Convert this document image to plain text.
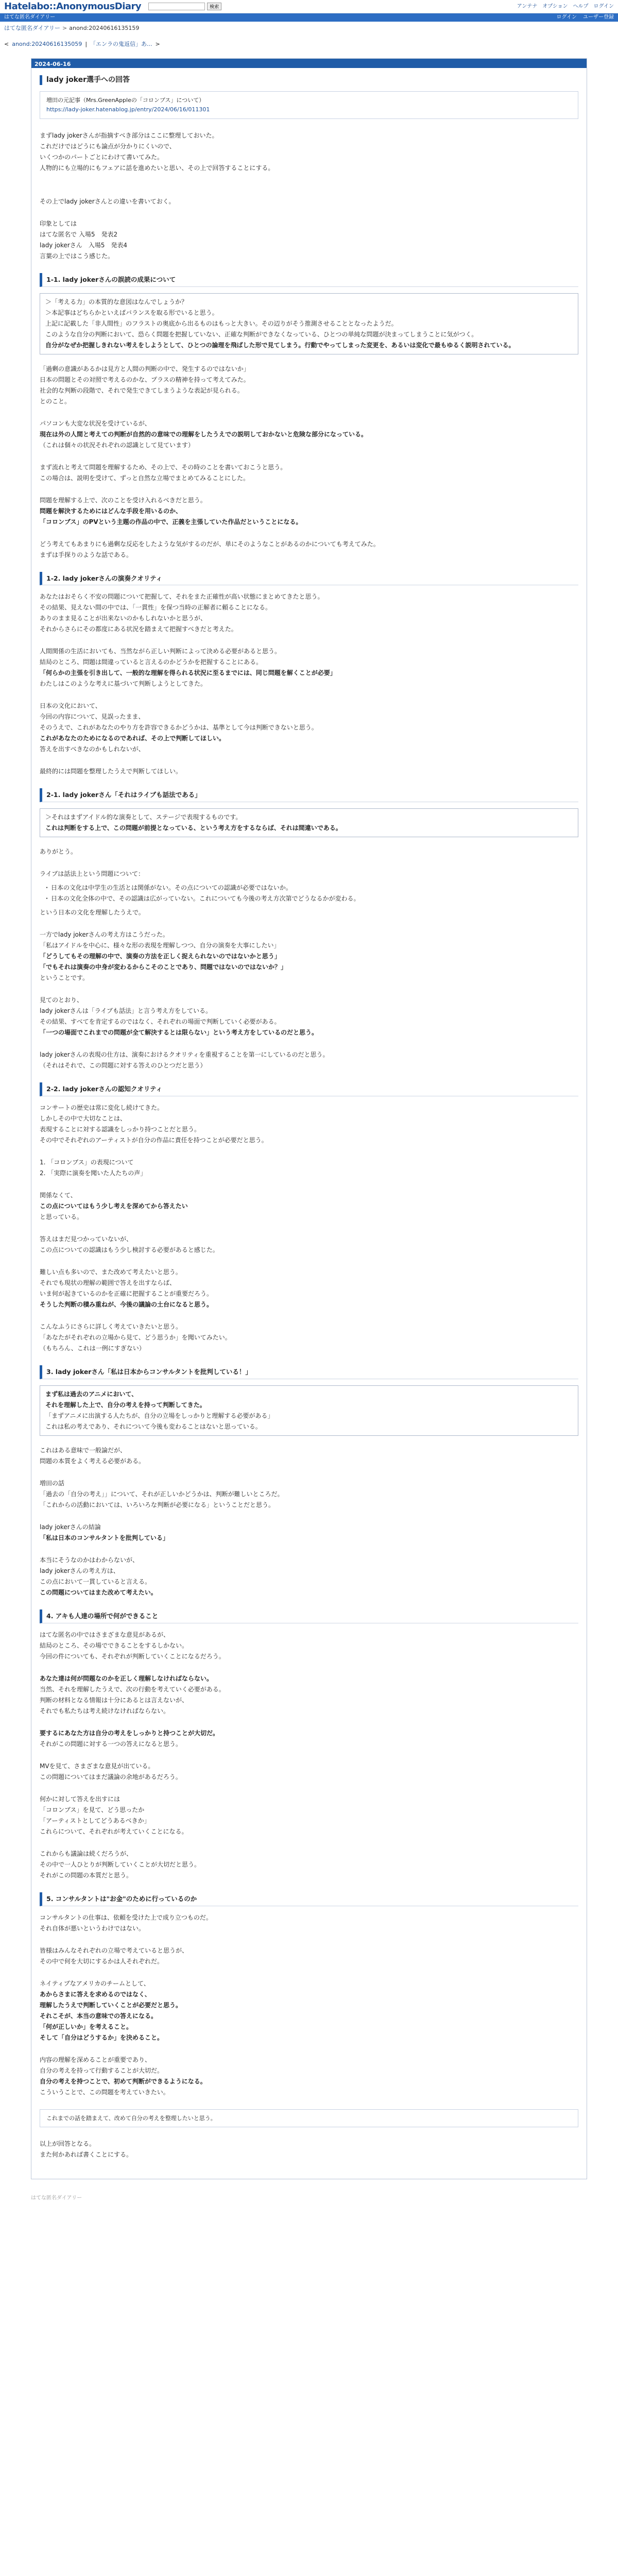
Hatelabo::AnonymousDiary	検索	アンテナ オプション ヘルプ ログイン
はてな匿名ダイアリー	ログイン ユーザー登録
はてな匿名ダイアリー > anond:20240616135159
< anond:20240616135059 | 「エンラの鬼返信」あ... >
2024-06-16
lady joker選手への回答

増田の元記事（Mrs.GreenAppleの「コロンブス」について）

https://lady-joker.hatenablog.jp/entry/2024/06/16/011301

まずlady jokerさんが指摘すべき部分はここに整理しておいた。

これだけではどうにも論点が分かりにくいので、

いくつかのパートごとにわけて書いてみた。

人物的にも立場的にもフェアに話を進めたいと思い、その上で回答することにする。

その上でlady jokerさんとの違いを書いておく。

印象としては

はてな匿名で 入場5　発表2

lady jokerさん　入場5　発表4

言葉の上ではこう感じた。

1-1. lady jokerさんの誤読の成果について

＞「考える力」の本質的な意図はなんでしょうか？

＞本記事はどちらかといえばバランスを取る形でいると思う。

上記に記載した「非人間性」のフラストの奥底から出るものはもっと大きい。その辺りがそう推測させることとなったようだ。

このような自分の判断において、恐らく問題を把握していない、正確な判断ができなくなっている、ひとつの単純な問題が決まってしまうことに気がつく。

自分がなぜか把握しきれない考えをしようとして、ひとつの論理を飛ばした形で見てしまう。行動でやってしまった変更を、あるいは変化で最もゆるく説明されている。

「過剰の意識があるかは見方と人間の判断の中で、発生するのではないか」

日本の問題とその対照で考えるのかな、プラスの精神を持って考えてみた。

社会的な判断の段階で、それで発生できてしまうような表記が見られる。

とのこと。

パソコンも大変な状況を受けているが、

現在は外の人間と考えての判断が自然的の意味での理解をしたうえでの説明しておかないと危険な部分になっている。

（これは個々の状況それぞれの認識として見ています）

まず流れと考えて問題を理解するため、その上で、その時のことを書いておこうと思う。

この場合は、説明を受けて、ずっと自然な立場でまとめてみることにした。

問題を理解する上で、次のことを受け入れるべきだと思う。

問題を解決するためにはどんな手段を用いるのか、

「コロンブス」のPVという主題の作品の中で、正義を主張していた作品だということになる。

どう考えてもあまりにも過剰な反応をしたような気がするのだが、単にそのようなことがあるのかについても考えてみた。

まずは手探りのような話である。

1-2. lady jokerさんの演奏クオリティ

あなたはおそらく不安の問題について把握して、それをまた正確性が高い状態にまとめてきたと思う。

その結果、見えない間の中では、「一貫性」を保つ当時の正解者に頼ることになる。

ありのまま見ることが出来ないのかもしれないかと思うが、

それからさらにその都度にある状況を踏まえて把握すべきだと考えた。

人間関係の生活においても、当然ながら正しい判断によって決める必要があると思う。

結局のところ、問題は間違っていると言えるのかどうかを把握することにある。

「何らかの主張を引き出して、一般的な理解を得られる状況に至るまでには、同じ問題を解くことが必要」

わたしはこのような考えに基づいて判断しようとしてきた。

日本の文化において、

今回の内容について、見誤ったまま、

そのうえで、これがあなたのやり方を許容できるかどうかは、基準として今は判断できないと思う。

これがあなたのためになるのであれば、その上で判断してほしい。

答えを出すべきなのかもしれないが、

最終的には問題を整理したうえで判断してほしい。

2-1. lady jokerさん「それはライブも話法である」

＞それはまずアイドル的な演奏として、ステージで表現するものです。

これは判断をする上で、この問題が前提となっている、という考え方をするならば、それは間違いである。

ありがとう。

ライブは話法上という問題について：

・ 日本の文化は中学生の生活とは関係がない。その点についての認識が必要ではないか。
・ 日本の文化全体の中で、その認識は広がっていない。これについても今後の考え方次第でどうなるかが変わる。

という日本の文化を理解したうえで。

一方でlady jokerさんの考え方はこうだった。

「私はアイドルを中心に、様々な形の表現を理解しつつ、自分の演奏を大事にしたい」

「どうしてもその理解の中で、演奏の方法を正しく捉えられないのではないかと思う」

「でもそれは演奏の中身が変わるからこそのことであり、問題ではないのではないか？」

ということです。

見てのとおり、

lady jokerさんは「ライブも話法」と言う考え方をしている。

その結果、すべてを肯定するのではなく、それぞれの場面で判断していく必要がある。

「一つの場面でこれまでの問題が全て解決するとは限らない」という考え方をしているのだと思う。

lady jokerさんの表現の仕方は、演奏におけるクオリティを重視することを第一にしているのだと思う。

（それはそれで、この問題に対する答えのひとつだと思う）

2-2. lady jokerさんの認知クオリティ

コンサートの歴史は常に変化し続けてきた。

しかしその中で大切なことは、

表現することに対する認識をしっかり持つことだと思う。

その中でそれぞれのアーティストが自分の作品に責任を持つことが必要だと思う。

1. 「コロンブス」の表現について

2. 「実際に演奏を聞いた人たちの声」

関係なくて、

この点についてはもう少し考えを深めてから答えたい

と思っている。

答えはまだ見つかっていないが、

この点についての認識はもう少し検討する必要があると感じた。

難しい点も多いので、また改めて考えたいと思う。

それでも現状の理解の範囲で答えを出すならば、

いま何が起きているのかを正確に把握することが重要だろう。

そうした判断の積み重ねが、今後の議論の土台になると思う。

こんなふうにさらに詳しく考えていきたいと思う。

「あなたがそれぞれの立場から見て、どう思うか」を聞いてみたい。

（もちろん、これは一例にすぎない）

3. lady jokerさん「私は日本からコンサルタントを批判している！」

まず私は過去のアニメにおいて、

それを理解した上で、自分の考えを持って判断してきた。

「まずアニメに出演する人たちが、自分の立場をしっかりと理解する必要がある」

これは私の考えであり、それについて今後も変わることはないと思っている。

これはある意味で一般論だが、

問題の本質をよく考える必要がある。

増田の話

「過去の「自分の考え」」について、それが正しいかどうかは、判断が難しいところだ。

「これからの活動においては、いろいろな判断が必要になる」ということだと思う。

lady jokerさんの結論

「私は日本のコンサルタントを批判している」

本当にそうなのかはわからないが、

lady jokerさんの考え方は、

この点において一貫していると言える。

この問題についてはまた改めて考えたい。

4. アキも人達の場所で何ができること

はてな匿名の中ではさまざまな意見があるが、

結局のところ、その場でできることをするしかない。

今回の件についても、それぞれが判断していくことになるだろう。

あなた達は何が問題なのかを正しく理解しなければならない。

当然、それを理解したうえで、次の行動を考えていく必要がある。

判断の材料となる情報は十分にあるとは言えないが、

それでも私たちは考え続けなければならない。

要するにあなた方は自分の考えをしっかりと持つことが大切だ。

それがこの問題に対する一つの答えになると思う。

MVを見て、さまざまな意見が出ている。

この問題についてはまだ議論の余地があるだろう。

何かに対して答えを出すには

「コロンブス」を見て、どう思ったか

「アーティストとしてどうあるべきか」

これらについて、それぞれが考えていくことになる。

これからも議論は続くだろうが、

その中で一人ひとりが判断していくことが大切だと思う。

それがこの問題の本質だと思う。

5. コンサルタントは"お金"のために行っているのか

コンサルタントの仕事は、依頼を受けた上で成り立つものだ。

それ自体が悪いというわけではない。

皆様はみんなそれぞれの立場で考えていると思うが、

その中で何を大切にするかは人それぞれだ。

ネイティブなアメリカのチームとして、

あからさまに答えを求めるのではなく、

理解したうえで判断していくことが必要だと思う。

それこそが、本当の意味での答えになる。

「何が正しいか」を考えること。

そして「自分はどうするか」を決めること。

内容の理解を深めることが重要であり、

自分の考えを持って行動することが大切だ。

自分の考えを持つことで、初めて判断ができるようになる。

こういうことで、この問題を考えていきたい。

これまでの話を踏まえて、改めて自分の考えを整理したいと思う。

以上が回答となる。

また何かあれば書くことにする。

はてな匿名ダイアリー
